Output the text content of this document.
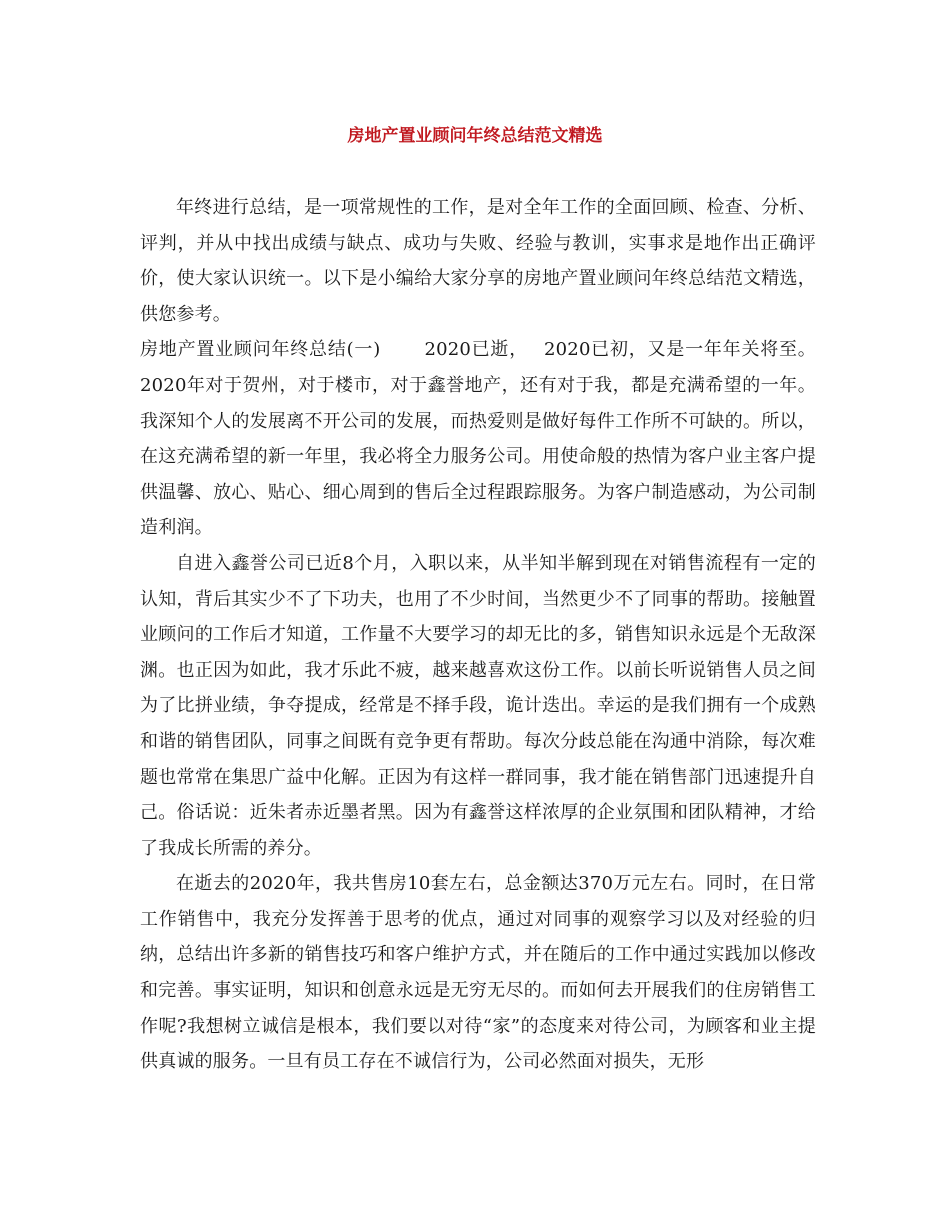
房地产置业顾问年终总结范文精选

年终进行总结，是一项常规性的工作，是对全年工作的全面回顾、检查、分析、评判，并从中找出成绩与缺点、成功与失败、经验与教训，实事求是地作出正确评价，使大家认识统一。以下是小编给大家分享的房地产置业顾问年终总结范文精选，供您参考。

房地产置业顾问年终总结(一) 2020已逝， 2020已初，又是一年年关将至。2020年对于贺州，对于楼市，对于鑫誉地产，还有对于我，都是充满希望的一年。我深知个人的发展离不开公司的发展，而热爱则是做好每件工作所不可缺的。所以，在这充满希望的新一年里，我必将全力服务公司。用使命般的热情为客户业主客户提供温馨、放心、贴心、细心周到的售后全过程跟踪服务。为客户制造感动，为公司制造利润。

自进入鑫誉公司已近8个月，入职以来，从半知半解到现在对销售流程有一定的认知，背后其实少不了下功夫，也用了不少时间，当然更少不了同事的帮助。接触置业顾问的工作后才知道，工作量不大要学习的却无比的多，销售知识永远是个无敌深渊。也正因为如此，我才乐此不疲，越来越喜欢这份工作。以前长听说销售人员之间为了比拼业绩，争夺提成，经常是不择手段，诡计迭出。幸运的是我们拥有一个成熟和谐的销售团队，同事之间既有竞争更有帮助。每次分歧总能在沟通中消除，每次难题也常常在集思广益中化解。正因为有这样一群同事，我才能在销售部门迅速提升自己。俗话说：近朱者赤近墨者黑。因为有鑫誉这样浓厚的企业氛围和团队精神，才给了我成长所需的养分。

在逝去的2020年，我共售房10套左右，总金额达370万元左右。同时，在日常工作销售中，我充分发挥善于思考的优点，通过对同事的观察学习以及对经验的归纳，总结出许多新的销售技巧和客户维护方式，并在随后的工作中通过实践加以修改和完善。事实证明，知识和创意永远是无穷无尽的。而如何去开展我们的住房销售工作呢?我想树立诚信是根本，我们要以对待“家”的态度来对待公司，为顾客和业主提供真诚的服务。一旦有员工存在不诚信行为，公司必然面对损失，无形
